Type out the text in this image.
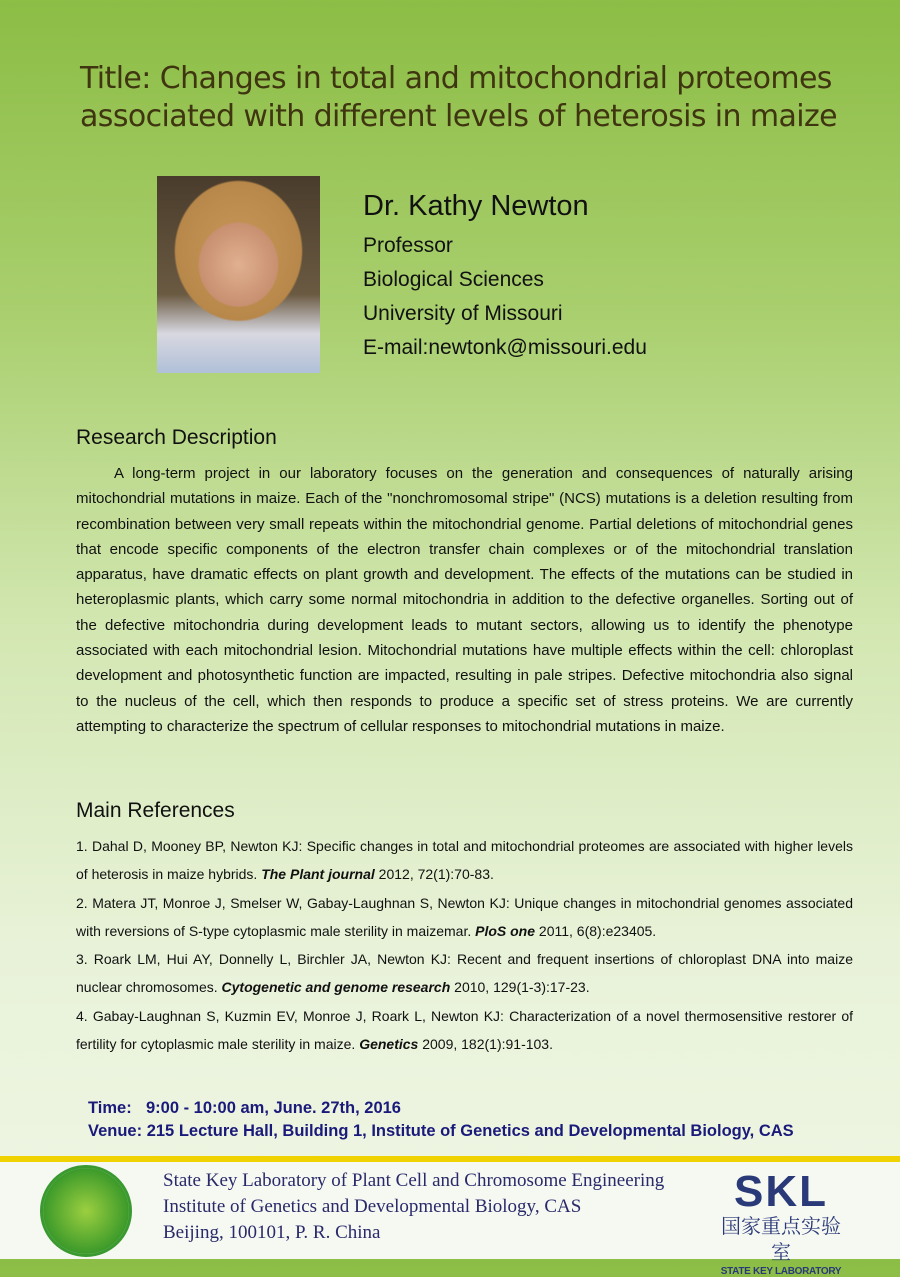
Title: Changes in total and mitochondrial proteomes
associated with different levels of heterosis in maize
Dr. Kathy Newton
Professor
Biological Sciences
University of Missouri
E-mail:newtonk@missouri.edu
Research Description

A long-term project in our laboratory focuses on the generation and consequences of naturally arising mitochondrial mutations in maize. Each of the "nonchromosomal stripe" (NCS) mutations is a deletion resulting from recombination between very small repeats within the mitochondrial genome. Partial deletions of mitochondrial genes that encode specific components of the electron transfer chain complexes or of the mitochondrial translation apparatus, have dramatic effects on plant growth and development. The effects of the mutations can be studied in heteroplasmic plants, which carry some normal mitochondria in addition to the defective organelles. Sorting out of the defective mitochondria during development leads to mutant sectors, allowing us to identify the phenotype associated with each mitochondrial lesion. Mitochondrial mutations have multiple effects within the cell: chloroplast development and photosynthetic function are impacted, resulting in pale stripes. Defective mitochondria also signal to the nucleus of the cell, which then responds to produce a specific set of stress proteins. We are currently attempting to characterize the spectrum of cellular responses to mitochondrial mutations in maize.

Main References

1. Dahal D, Mooney BP, Newton KJ: Specific changes in total and mitochondrial proteomes are associated with higher levels of heterosis in maize hybrids. The Plant journal 2012, 72(1):70-83.

2. Matera JT, Monroe J, Smelser W, Gabay-Laughnan S, Newton KJ: Unique changes in mitochondrial genomes associated with reversions of S-type cytoplasmic male sterility in maizemar. PloS one 2011, 6(8):e23405.

3. Roark LM, Hui AY, Donnelly L, Birchler JA, Newton KJ: Recent and frequent insertions of chloroplast DNA into maize nuclear chromosomes. Cytogenetic and genome research 2010, 129(1-3):17-23.

4. Gabay-Laughnan S, Kuzmin EV, Monroe J, Roark L, Newton KJ: Characterization of a novel thermosensitive restorer of fertility for cytoplasmic male sterility in maize. Genetics 2009, 182(1):91-103.

Time: 9:00 - 10:00 am, June. 27th, 2016
Venue: 215 Lecture Hall, Building 1, Institute of Genetics and Developmental Biology, CAS
State Key Laboratory of Plant Cell and Chromosome Engineering
Institute of Genetics and Developmental Biology, CAS
Beijing, 100101, P. R. China
SKL
国家重点实验室
STATE KEY LABORATORY
